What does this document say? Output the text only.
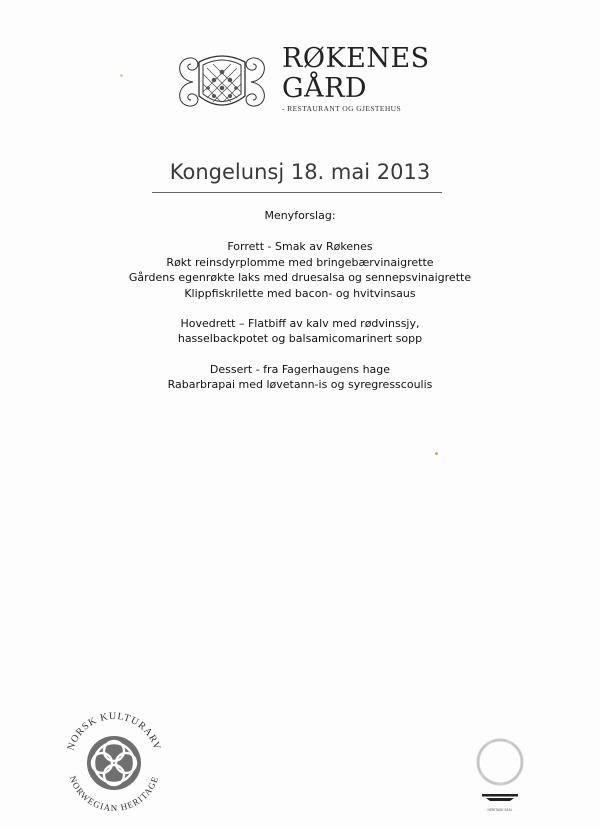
RØKENES
GÅRD
- RESTAURANT OG GJESTEHUS
Kongelunsj 18. mai 2013
Menyforslag:
Forrett - Smak av Røkenes
Røkt reinsdyrplomme med bringebærvinaigrette
Gårdens egenrøkte laks med druesalsa og sennepsvinaigrette
Klippfiskrilette med bacon- og hvitvinsaus
Hovedrett – Flatbiff av kalv med rødvinssjy,
hasselbackpotet og balsamicomarinert sopp
Dessert - fra Fagerhaugens hage
Rabarbrapai med løvetann-is og syregresscoulis
NORSK KULTURARV
NORWEGIAN HERITAGE
HERITAGE SEAL
